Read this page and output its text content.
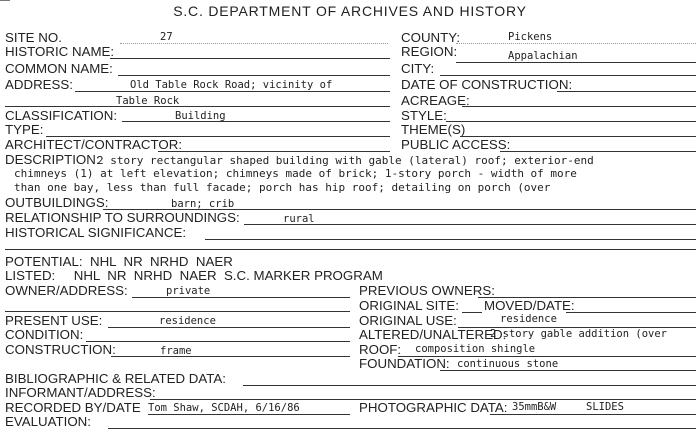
S.C. DEPARTMENT OF ARCHIVES AND HISTORY
SITE NO.	27	COUNTY:	Pickens
HISTORIC NAME:	REGION:	Appalachian
COMMON NAME:	CITY:
ADDRESS:	Old Table Rock Road; vicinity of	DATE OF CONSTRUCTION:
Table Rock	ACREAGE:
CLASSIFICATION:	Building	STYLE:
TYPE:	THEME(S)
ARCHITECT/CONTRACTOR:	PUBLIC ACCESS:
DESCRIPTION:
2 story rectangular shaped building with gable (lateral) roof; exterior-end
chimneys (1) at left elevation; chimneys made of brick; 1-story porch - width of more
than one bay, less than full facade; porch has hip roof; detailing on porch (over
OUTBUILDINGS:	barn; crib
RELATIONSHIP TO SURROUNDINGS:	rural
HISTORICAL SIGNIFICANCE:
POTENTIAL:  NHL  NR  NRHD  NAER
LISTED:     NHL  NR  NRHD  NAER  S.C. MARKER PROGRAM
OWNER/ADDRESS:	private	PREVIOUS OWNERS:
ORIGINAL SITE: MOVED/DATE:
PRESENT USE:	residence	ORIGINAL USE:	residence
CONDITION:	ALTERED/UNALTERED:
2 story gable addition (over
CONSTRUCTION:	frame	ROOF: composition shingle
FOUNDATION: continuous stone
BIBLIOGRAPHIC & RELATED DATA:
INFORMANT/ADDRESS:
RECORDED BY/DATE Tom Shaw, SCDAH, 6/16/86	PHOTOGRAPHIC DATA: 35mmB&W	SLIDES
EVALUATION:
